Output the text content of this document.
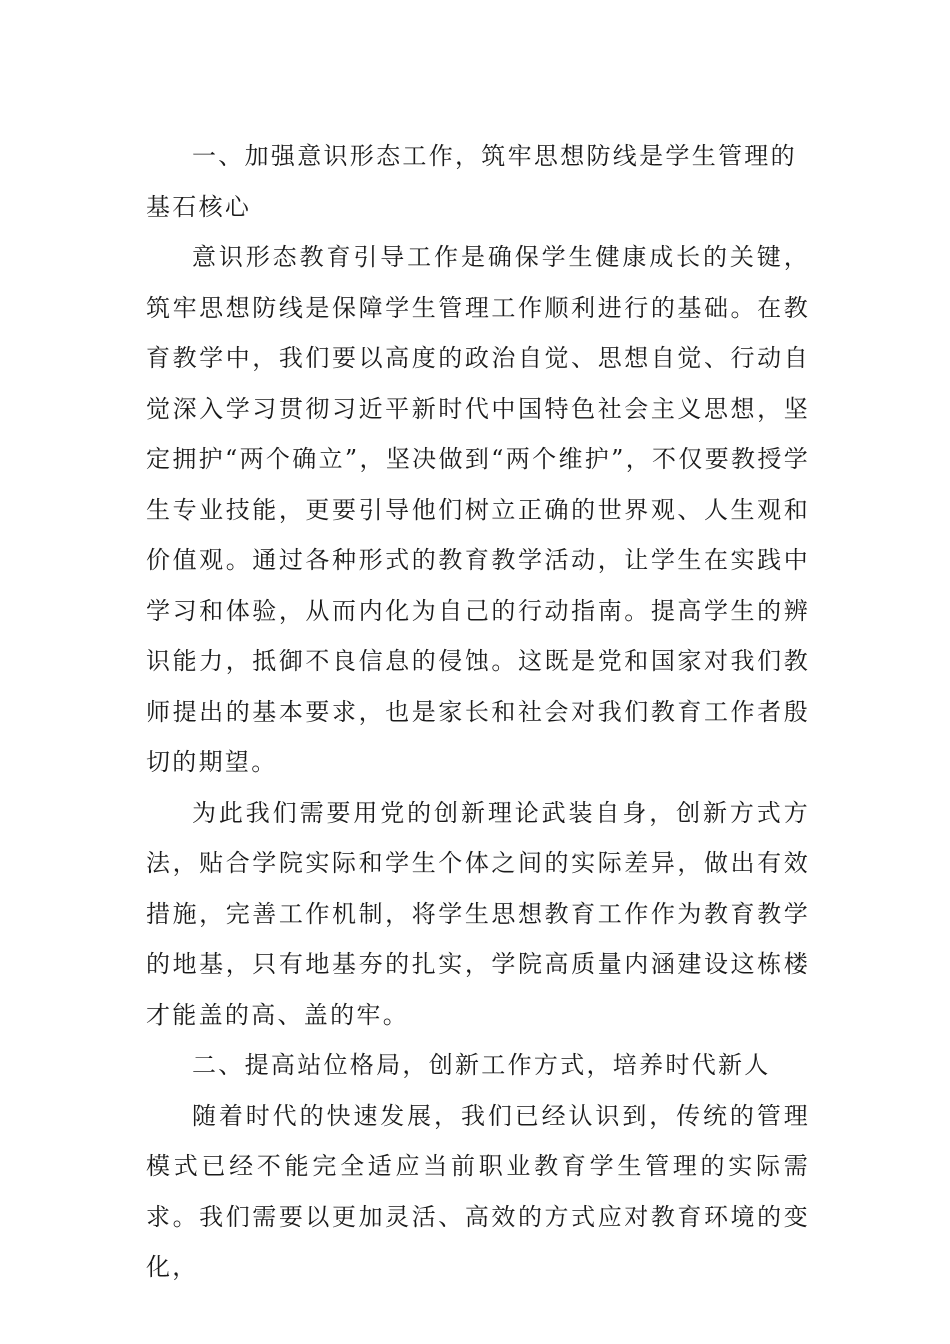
一、加强意识形态工作，筑牢思想防线是学生管理的基石核心

意识形态教育引导工作是确保学生健康成长的关键，筑牢思想防线是保障学生管理工作顺利进行的基础。在教育教学中，我们要以高度的政治自觉、思想自觉、行动自觉深入学习贯彻习近平新时代中国特色社会主义思想，坚定拥护“两个确立”，坚决做到“两个维护”，不仅要教授学生专业技能，更要引导他们树立正确的世界观、人生观和价值观。通过各种形式的教育教学活动，让学生在实践中学习和体验，从而内化为自己的行动指南。提高学生的辨识能力，抵御不良信息的侵蚀。这既是党和国家对我们教师提出的基本要求，也是家长和社会对我们教育工作者殷切的期望。

为此我们需要用党的创新理论武装自身，创新方式方法，贴合学院实际和学生个体之间的实际差异，做出有效措施，完善工作机制，将学生思想教育工作作为教育教学的地基，只有地基夯的扎实，学院高质量内涵建设这栋楼才能盖的高、盖的牢。

二、提高站位格局，创新工作方式，培养时代新人

随着时代的快速发展，我们已经认识到，传统的管理模式已经不能完全适应当前职业教育学生管理的实际需求。我们需要以更加灵活、高效的方式应对教育环境的变化，
